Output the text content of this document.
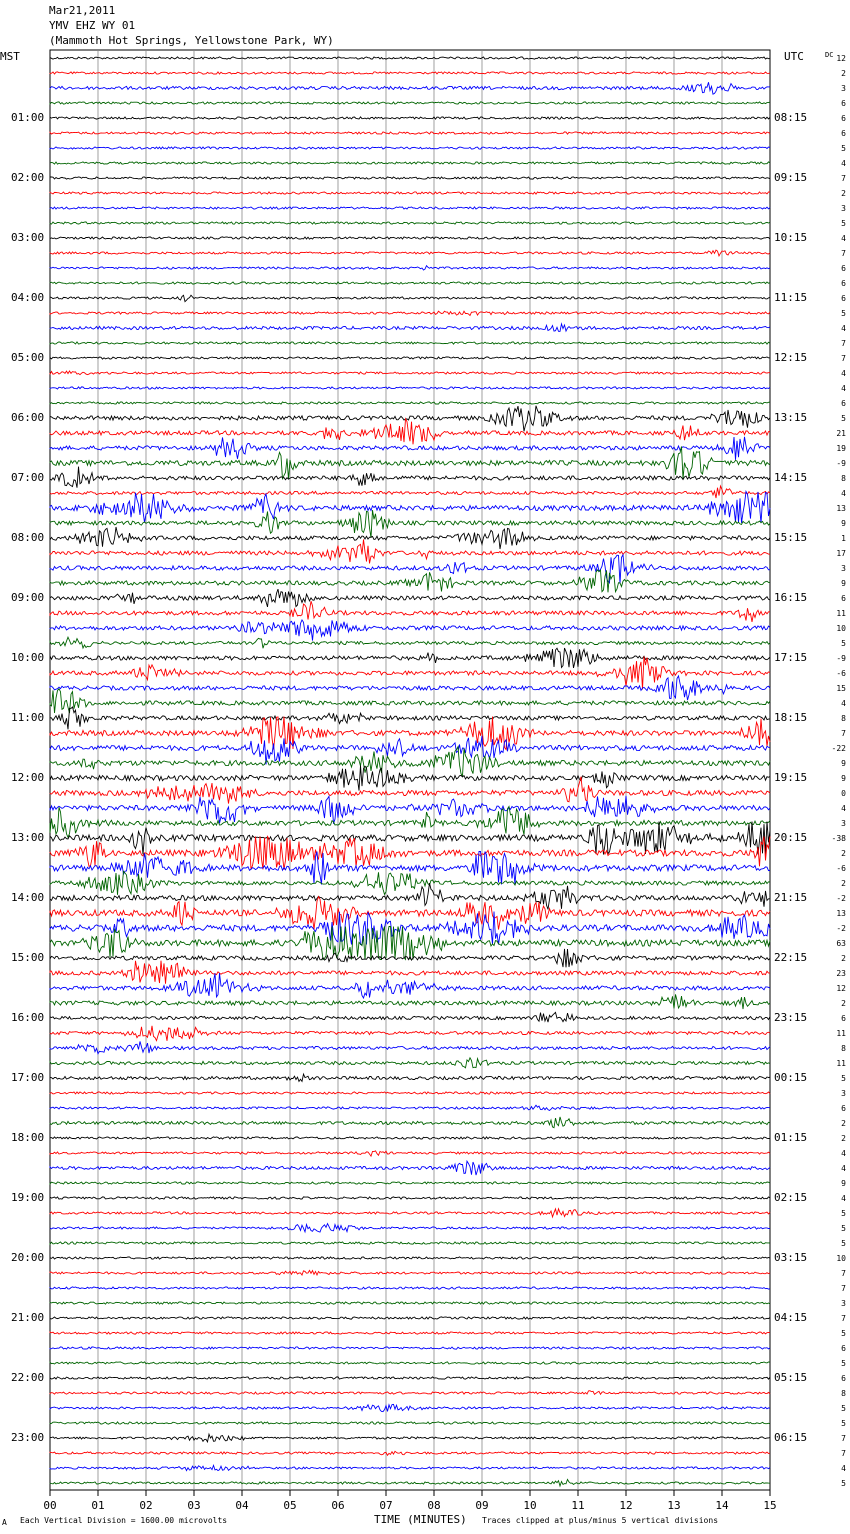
Mar21,2011
YMV EHZ WY 01
(Mammoth Hot Springs, Yellowstone Park, WY)
MST	UTC	DC
00	01	02	03	04	05	06	07	08	09	10	11	12	13	14	15
01:00
02:00
03:00
04:00
05:00
06:00
07:00
08:00
09:00
10:00
11:00
12:00
13:00
14:00
15:00
16:00
17:00
18:00
19:00
20:00
21:00
22:00
23:00
08:15
09:15
10:15
11:15
12:15
13:15
14:15
15:15
16:15
17:15
18:15
19:15
20:15
21:15
22:15
23:15
00:15
01:15
02:15
03:15
04:15
05:15
06:15
12
2
3
6
6
6
5
4
7
2
3
5
4
7
6
6
6
5
4
7
7
4
4
6
5
21
19
-9
8
4
13
9
1
17
3
9
6
11
10
5
-9
-6
15
4
8
7
-22
9
9
0
4
3
-38
2
-6
2
-2
13
-2
63
2
23
12
2
6
11
8
11
5
3
6
2
2
4
4
9
4
5
5
5
10
7
7
3
7
5
6
5
6
8
5
5
7
7
4
5
A Each Vertical Division = 1600.00 microvolts	TIME (MINUTES) Traces clipped at plus/minus 5 vertical divisions
